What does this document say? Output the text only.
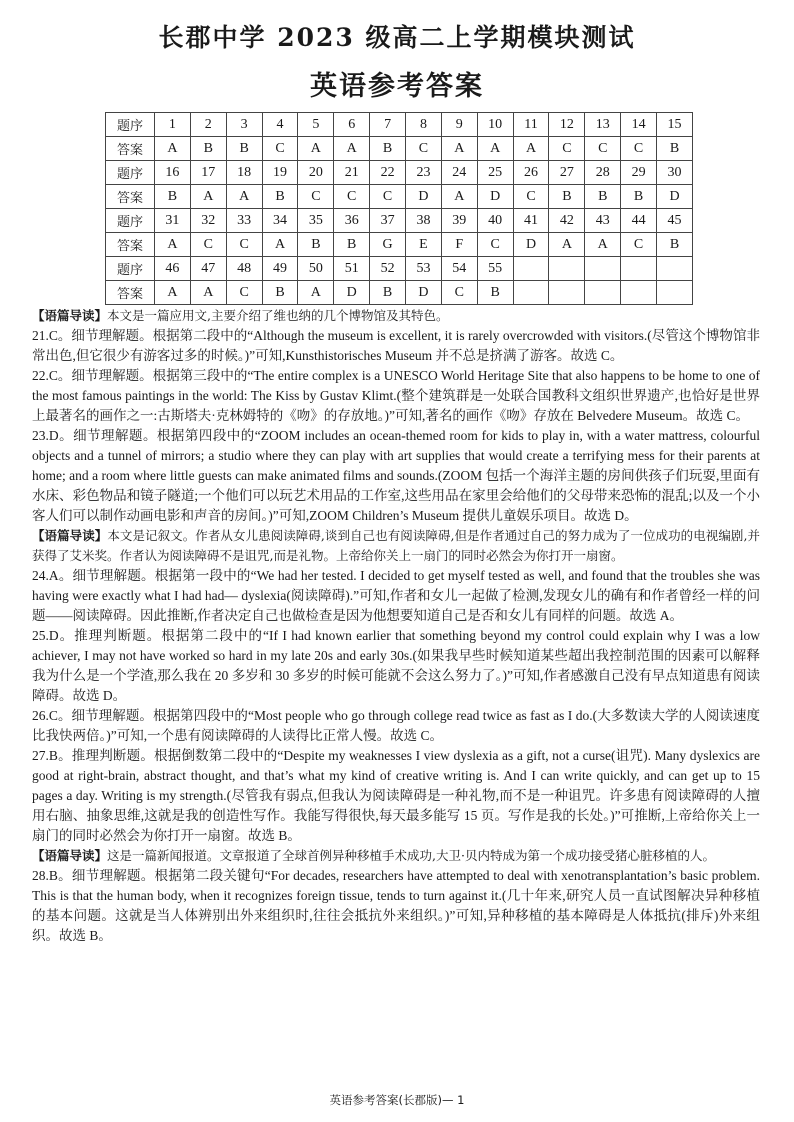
长郡中学 2023 级高二上学期模块测试
英语参考答案
题序	1	2	3	4	5	6	7	8	9	10	11	12	13	14	15
答案	A	B	B	C	A	A	B	C	A	A	A	C	C	C	B
题序	16	17	18	19	20	21	22	23	24	25	26	27	28	29	30
答案	B	A	A	B	C	C	C	D	A	D	C	B	B	B	D
题序	31	32	33	34	35	36	37	38	39	40	41	42	43	44	45
答案	A	C	C	A	B	B	G	E	F	C	D	A	A	C	B
题序	46	47	48	49	50	51	52	53	54	55					
答案	A	A	C	B	A	D	B	D	C	B					

【语篇导读】本文是一篇应用文,主要介绍了维也纳的几个博物馆及其特色。

21.C。细节理解题。根据第二段中的“Although the museum is excellent, it is rarely overcrowded with visitors.(尽管这个博物馆非常出色,但它很少有游客过多的时候。)”可知,Kunsthistorisches Museum 并不总是挤满了游客。故选 C。

22.C。细节理解题。根据第三段中的“The entire complex is a UNESCO World Heritage Site that also happens to be home to one of the most famous paintings in the world: The Kiss by Gustav Klimt.(整个建筑群是一处联合国教科文组织世界遗产,也恰好是世界上最著名的画作之一:古斯塔夫·克林姆特的《吻》的存放地。)”可知,著名的画作《吻》存放在 Belvedere Museum。故选 C。

23.D。细节理解题。根据第四段中的“ZOOM includes an ocean-themed room for kids to play in, with a water mattress, colourful objects and a tunnel of mirrors; a studio where they can play with art supplies that would create a terrifying mess for their parents at home; and a room where little guests can make animated films and sounds.(ZOOM 包括一个海洋主题的房间供孩子们玩耍,里面有水床、彩色物品和镜子隧道;一个他们可以玩艺术用品的工作室,这些用品在家里会给他们的父母带来恐怖的混乱;以及一个小客人们可以制作动画电影和声音的房间。)”可知,ZOOM Children’s Museum 提供儿童娱乐项目。故选 D。

【语篇导读】本文是记叙文。作者从女儿患阅读障碍,谈到自己也有阅读障碍,但是作者通过自己的努力成为了一位成功的电视编剧,并获得了艾米奖。作者认为阅读障碍不是诅咒,而是礼物。上帝给你关上一扇门的同时必然会为你打开一扇窗。

24.A。细节理解题。根据第一段中的“We had her tested. I decided to get myself tested as well, and found that the troubles she was having were exactly what I had had— dyslexia(阅读障碍).”可知,作者和女儿一起做了检测,发现女儿的确有和作者曾经一样的问题——阅读障碍。因此推断,作者决定自己也做检查是因为他想要知道自己是否和女儿有同样的问题。故选 A。

25.D。推理判断题。根据第二段中的“If I had known earlier that something beyond my control could explain why I was a low achiever, I may not have worked so hard in my late 20s and early 30s.(如果我早些时候知道某些超出我控制范围的因素可以解释我为什么是一个学渣,那么我在 20 多岁和 30 多岁的时候可能就不会这么努力了。)”可知,作者感激自己没有早点知道患有阅读障碍。故选 D。

26.C。细节理解题。根据第四段中的“Most people who go through college read twice as fast as I do.(大多数读大学的人阅读速度比我快两倍。)”可知,一个患有阅读障碍的人读得比正常人慢。故选 C。

27.B。推理判断题。根据倒数第二段中的“Despite my weaknesses I view dyslexia as a gift, not a curse(诅咒). Many dyslexics are good at right-brain, abstract thought, and that’s what my kind of creative writing is. And I can write quickly, and can get up to 15 pages a day. Writing is my strength.(尽管我有弱点,但我认为阅读障碍是一种礼物,而不是一种诅咒。许多患有阅读障碍的人擅用右脑、抽象思维,这就是我的创造性写作。我能写得很快,每天最多能写 15 页。写作是我的长处。)”可推断,上帝给你关上一扇门的同时必然会为你打开一扇窗。故选 B。

【语篇导读】这是一篇新闻报道。文章报道了全球首例异种移植手术成功,大卫·贝内特成为第一个成功接受猪心脏移植的人。

28.B。细节理解题。根据第二段关键句“For decades, researchers have attempted to deal with xenotransplantation’s basic problem. This is that the human body, when it recognizes foreign tissue, tends to turn against it.(几十年来,研究人员一直试图解决异种移植的基本问题。这就是当人体辨别出外来组织时,往往会抵抗外来组织。)”可知,异种移植的基本障碍是人体抵抗(排斥)外来组织。故选 B。

英语参考答案(长郡版)— 1
